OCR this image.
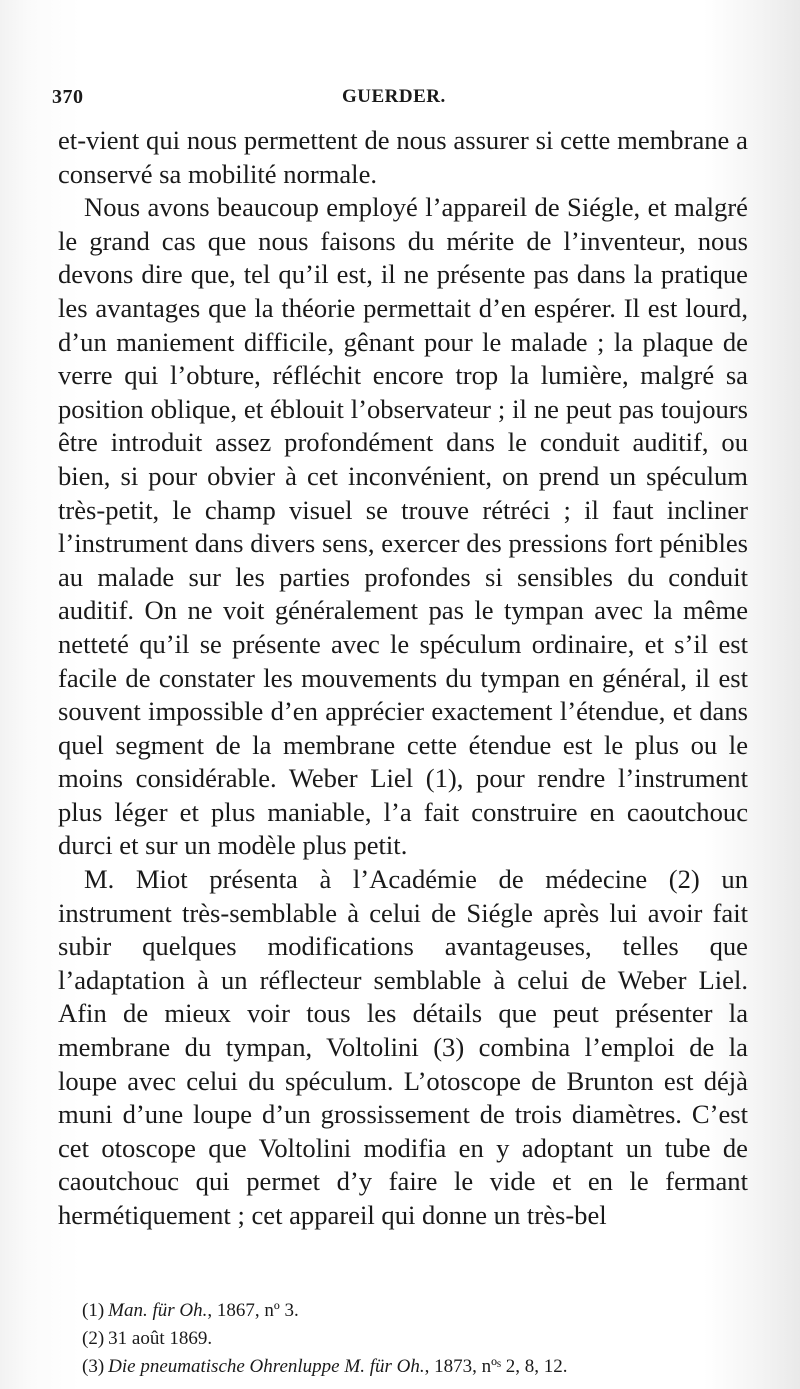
370	GUERDER.

et-vient qui nous permettent de nous assurer si cette membrane a conservé sa mobilité normale.

Nous avons beaucoup employé l’appareil de Siégle, et malgré le grand cas que nous faisons du mérite de l’inventeur, nous devons dire que, tel qu’il est, il ne présente pas dans la pratique les avantages que la théorie permettait d’en espérer. Il est lourd, d’un maniement difficile, gênant pour le malade ; la plaque de verre qui l’obture, réfléchit encore trop la lumière, malgré sa position oblique, et éblouit l’observateur ; il ne peut pas toujours être introduit assez profondément dans le conduit auditif, ou bien, si pour obvier à cet inconvénient, on prend un spéculum très-petit, le champ visuel se trouve rétréci ; il faut incliner l’instrument dans divers sens, exercer des pressions fort pénibles au malade sur les parties profondes si sensibles du conduit auditif. On ne voit généralement pas le tympan avec la même netteté qu’il se présente avec le spéculum ordinaire, et s’il est facile de constater les mouvements du tympan en général, il est souvent impossible d’en apprécier exactement l’étendue, et dans quel segment de la membrane cette étendue est le plus ou le moins considérable. Weber Liel (1), pour rendre l’instrument plus léger et plus maniable, l’a fait construire en caoutchouc durci et sur un modèle plus petit.

M. Miot présenta à l’Académie de médecine (2) un instrument très-semblable à celui de Siégle après lui avoir fait subir quelques modifications avantageuses, telles que l’adaptation à un réflecteur semblable à celui de Weber Liel. Afin de mieux voir tous les détails que peut présenter la membrane du tympan, Voltolini (3) combina l’emploi de la loupe avec celui du spéculum. L’otoscope de Brunton est déjà muni d’une loupe d’un grossissement de trois diamètres. C’est cet otoscope que Voltolini modifia en y adoptant un tube de caoutchouc qui permet d’y faire le vide et en le fermant hermétiquement ; cet appareil qui donne un très-bel

(1) Man. für Oh., 1867, nº 3.
(2) 31 août 1869.
(3) Die pneumatische Ohrenluppe M. für Oh., 1873, nºˢ 2, 8, 12.
